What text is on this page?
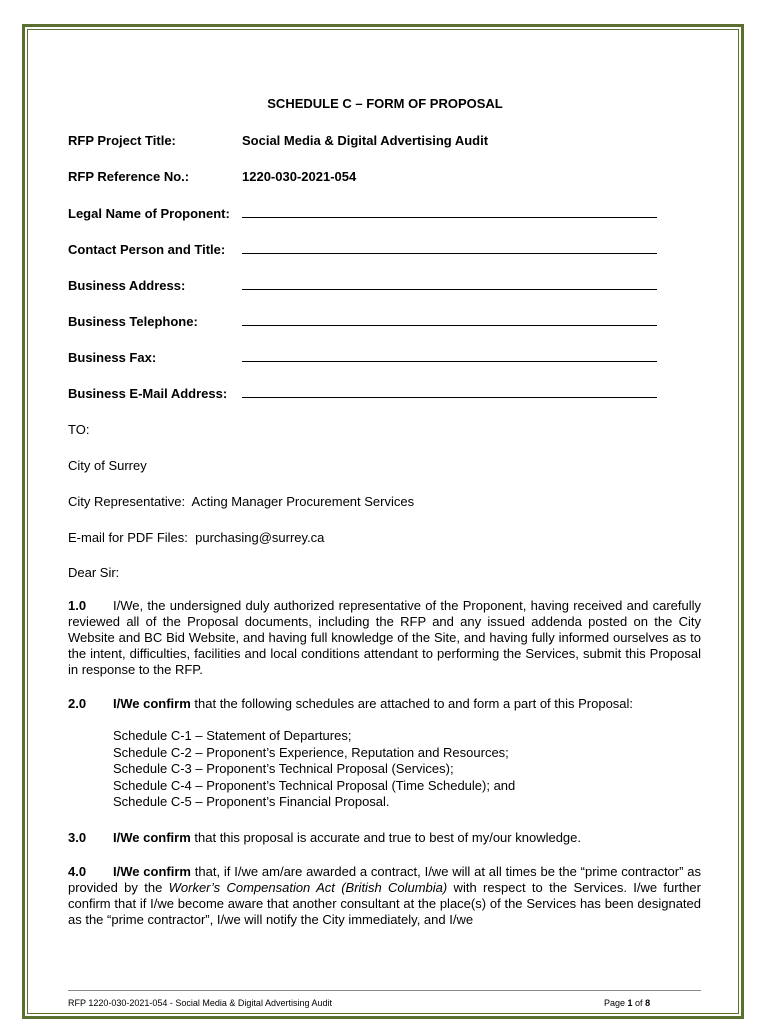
SCHEDULE C – FORM OF PROPOSAL
RFP Project Title:	Social Media & Digital Advertising Audit
RFP Reference No.:	1220-030-2021-054
Legal Name of Proponent:
Contact Person and Title:
Business Address:
Business Telephone:
Business Fax:
Business E-Mail Address:
TO:
City of Surrey
City Representative:  Acting Manager Procurement Services
E-mail for PDF Files:  purchasing@surrey.ca
Dear Sir:
1.0 I/We, the undersigned duly authorized representative of the Proponent, having received and carefully reviewed all of the Proposal documents, including the RFP and any issued addenda posted on the City Website and BC Bid Website, and having full knowledge of the Site, and having fully informed ourselves as to the intent, difficulties, facilities and local conditions attendant to performing the Services, submit this Proposal in response to the RFP.
2.0 I/We confirm that the following schedules are attached to and form a part of this Proposal:
Schedule C-1 – Statement of Departures;
Schedule C-2 – Proponent’s Experience, Reputation and Resources;
Schedule C-3 – Proponent’s Technical Proposal (Services);
Schedule C-4 – Proponent’s Technical Proposal (Time Schedule); and
Schedule C-5 – Proponent’s Financial Proposal.
3.0 I/We confirm that this proposal is accurate and true to best of my/our knowledge.
4.0 I/We confirm that, if I/we am/are awarded a contract, I/we will at all times be the “prime contractor” as provided by the Worker’s Compensation Act (British Columbia) with respect to the Services. I/we further confirm that if I/we become aware that another consultant at the place(s) of the Services has been designated as the “prime contractor”, I/we will notify the City immediately, and I/we
RFP 1220-030-2021-054 - Social Media & Digital Advertising Audit	Page 1 of 8
